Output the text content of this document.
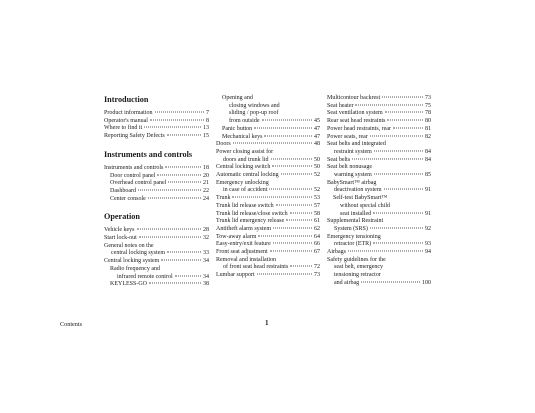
Introduction
Product information	7
Operator's manual	8
Where to find it	13
Reporting Safety Defects	15
Instruments and controls
Instruments and controls	18
Door control panel	20
Overhead control panel	21
Dashboard	22
Center console	24
Operation
Vehicle keys	28
Start lock-out	32
General notes on the
central locking system	33
Central locking system	34
Radio frequency and
infrared remote control	34
KEYLESS-GO	38
Opening and
closing windows and
sliding / pop-up roof
from outside	45
Panic button	47
Mechanical keys	47
Doors	48
Power closing assist for
doors and trunk lid	50
Central locking switch	50
Automatic central locking	52
Emergency unlocking
in case of accident	52
Trunk	53
Trunk lid release switch	57
Trunk lid release/close switch	58
Trunk lid emergency release	61
Antitheft alarm system	62
Tow-away alarm	64
Easy-entry/exit feature	66
Front seat adjustment	67
Removal and installation
of front seat head restraints	72
Lumbar support	73
Multicontour backrest	73
Seat heater	75
Seat ventilation system	78
Rear seat head restraints	80
Power head restraints, rear	81
Power seats, rear	82
Seat belts and integrated
restraint system	84
Seat belts	84
Seat belt nonusage
warning system	85
BabySmart™ airbag
deactivation system	91
Self-test BabySmart™
without special child
seat installed	91
Supplemental Restraint
System (SRS)	92
Emergency tensioning
retractor (ETR)	93
Airbags	94
Safety guidelines for the
seat belt, emergency
tensioning retractor
and airbag	100
Contents	1
